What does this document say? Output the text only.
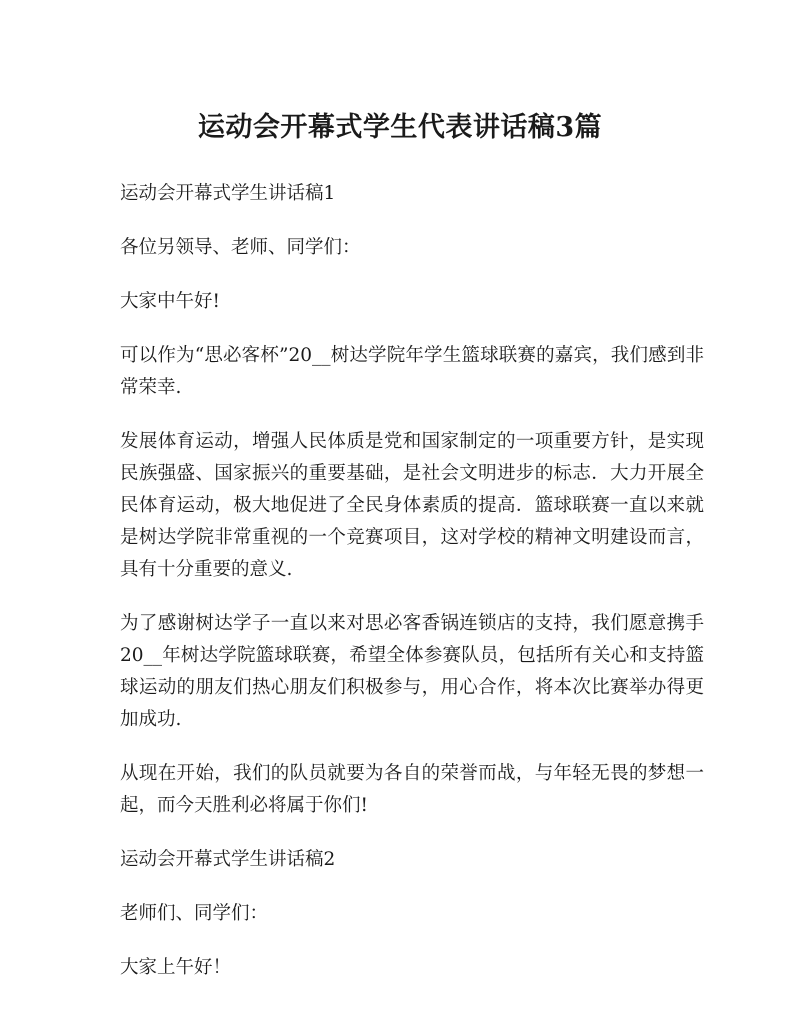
运动会开幕式学生代表讲话稿3篇

运动会开幕式学生讲话稿1

各位另领导、老师、同学们：

大家中午好!

可以作为“思必客杯”20__树达学院年学生篮球联赛的嘉宾，我们感到非常荣幸.

发展体育运动，增强人民体质是党和国家制定的一项重要方针，是实现民族强盛、国家振兴的重要基础，是社会文明进步的标志．大力开展全民体育运动，极大地促进了全民身体素质的提高．篮球联赛一直以来就是树达学院非常重视的一个竞赛项目，这对学校的精神文明建设而言，具有十分重要的意义.

为了感谢树达学子一直以来对思必客香锅连锁店的支持，我们愿意携手20__年树达学院篮球联赛，希望全体参赛队员，包括所有关心和支持篮球运动的朋友们热心朋友们积极参与，用心合作，将本次比赛举办得更加成功.

从现在开始，我们的队员就要为各自的荣誉而战，与年轻无畏的梦想一起，而今天胜利必将属于你们!

运动会开幕式学生讲话稿2

老师们、同学们：

大家上午好！
